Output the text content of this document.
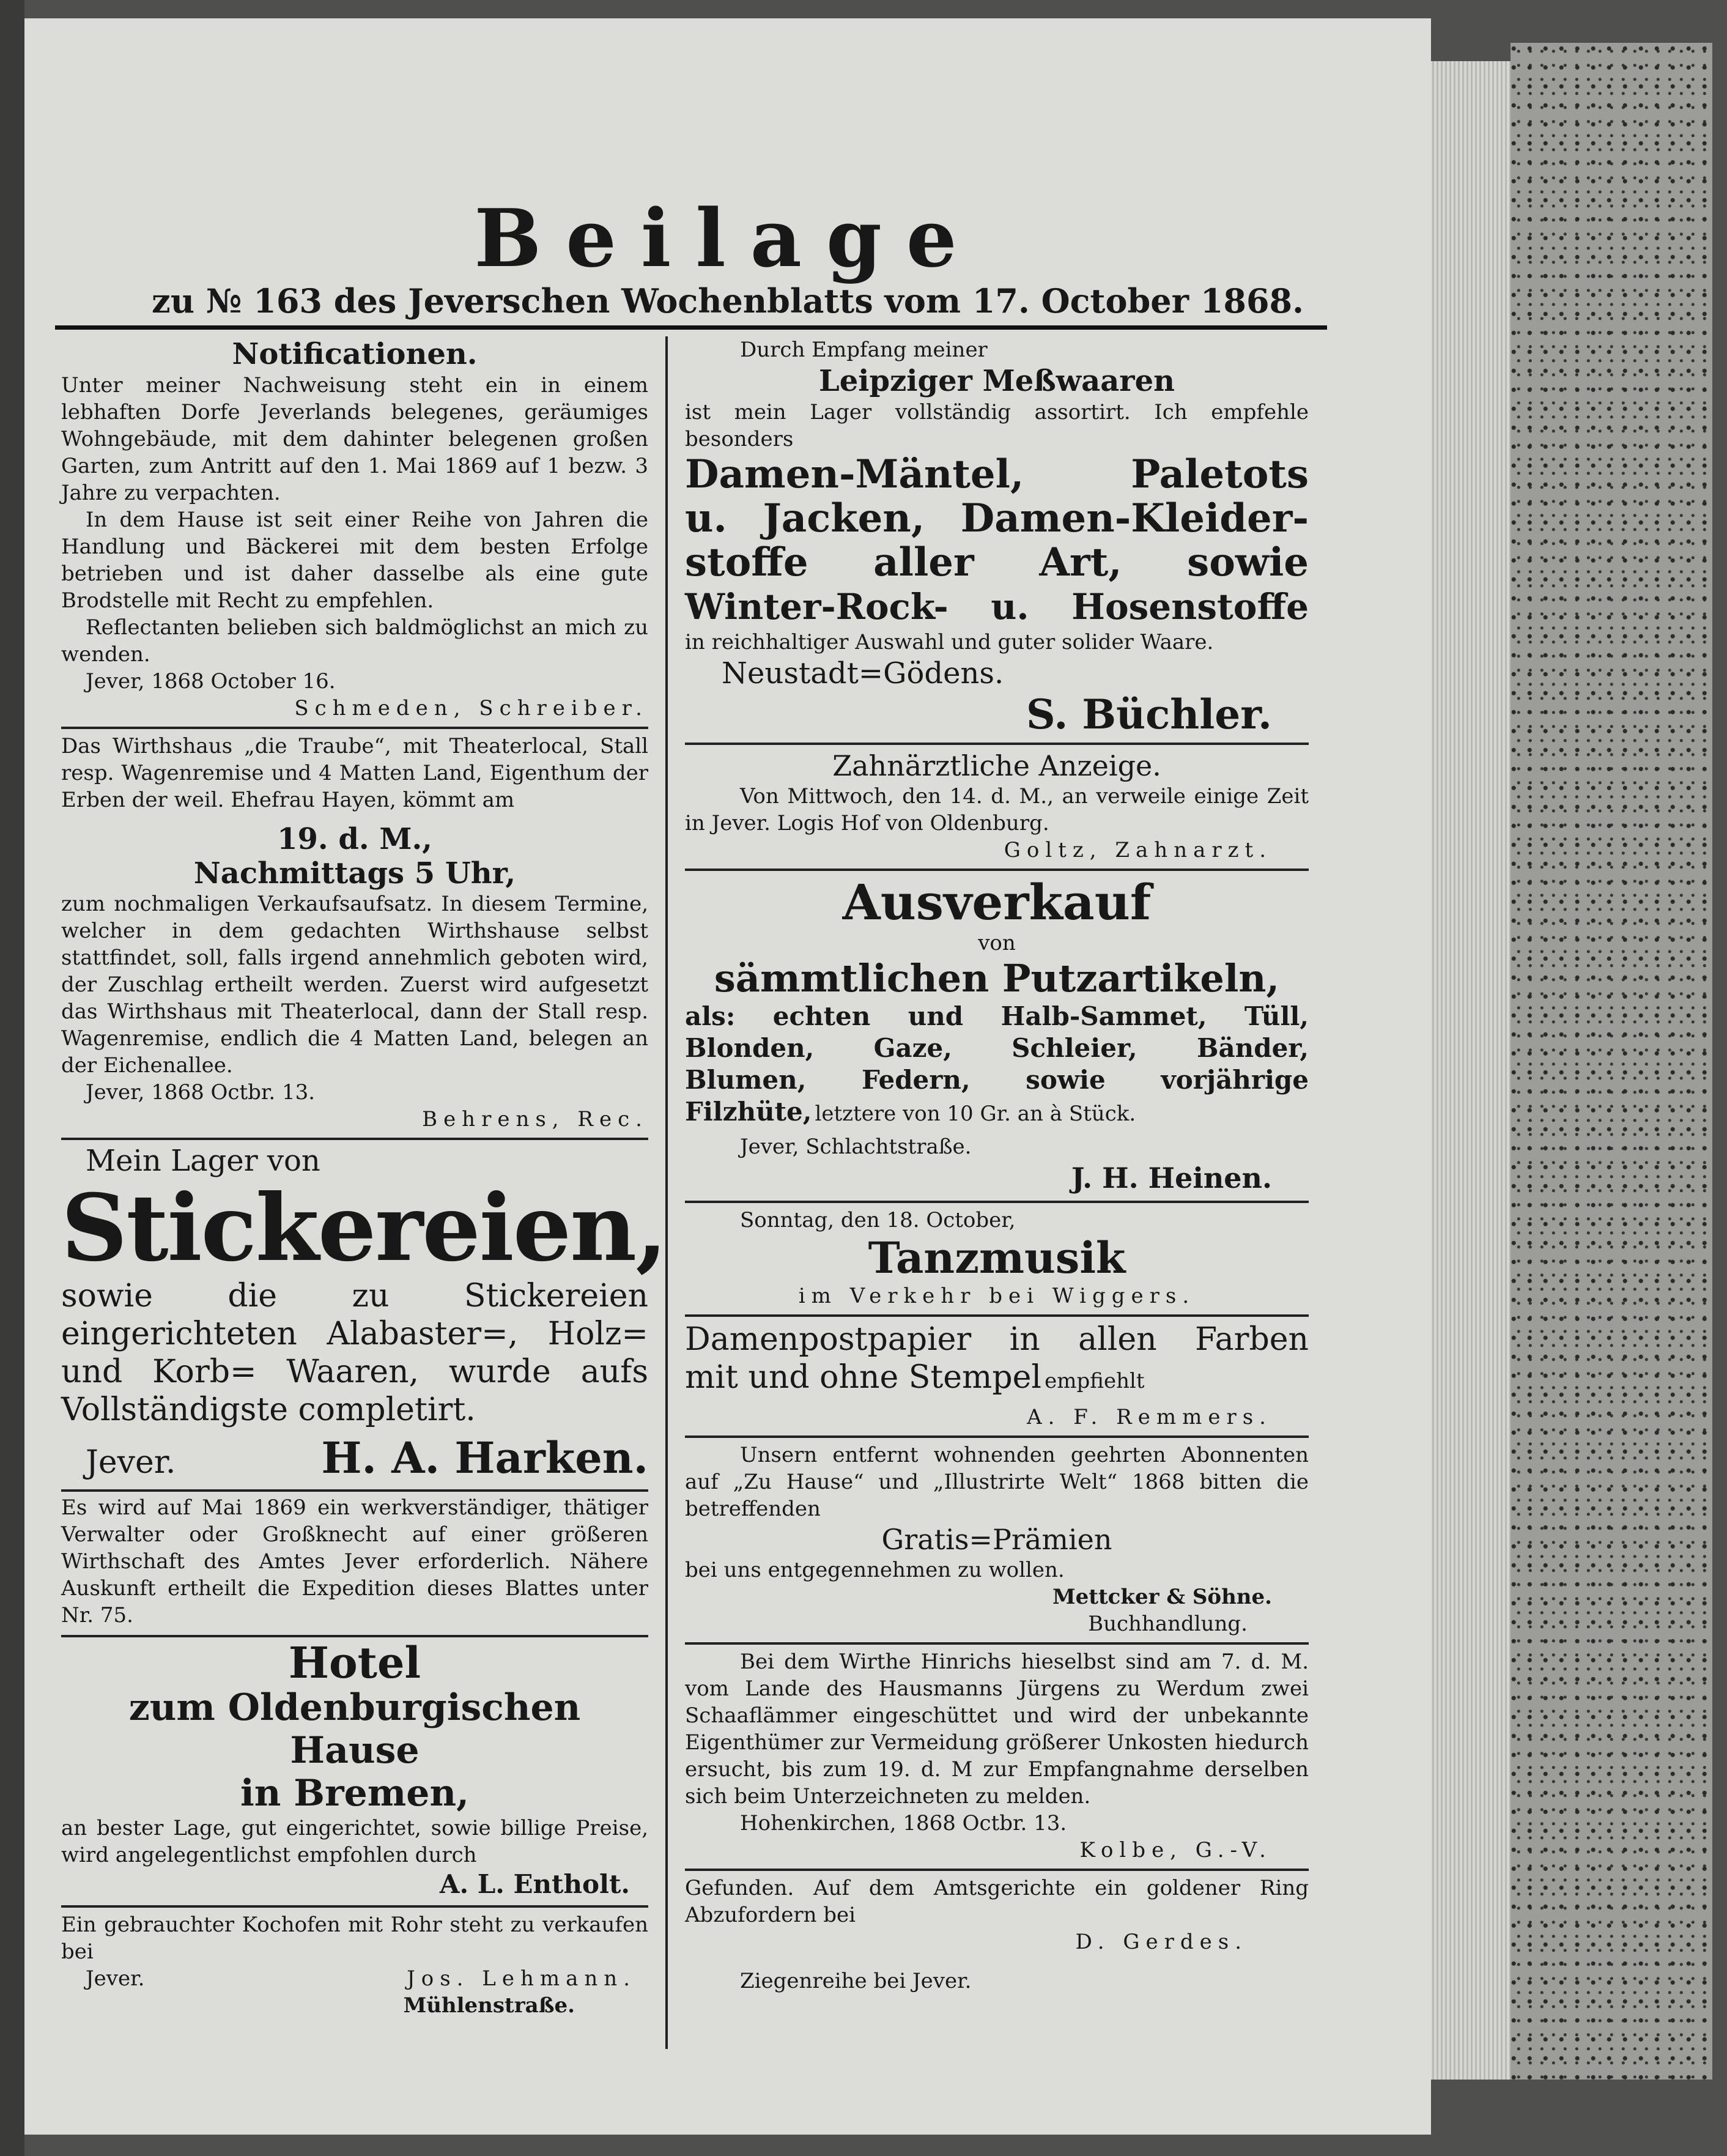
Beilage
zu № 163 des Jeverschen Wochenblatts vom 17. October 1868.
Notificationen.

Unter meiner Nachweisung steht ein in einem lebhaften Dorfe Jeverlands belegenes, geräumiges Wohngebäude, mit dem dahinter belegenen großen Garten, zum Antritt auf den 1. Mai 1869 auf 1 bezw. 3 Jahre zu verpachten.

In dem Hause ist seit einer Reihe von Jahren die Handlung und Bäckerei mit dem besten Erfolge betrieben und ist daher dasselbe als eine gute Brodstelle mit Recht zu empfehlen.

Reflectanten belieben sich baldmöglichst an mich zu wenden.

Jever, 1868 October 16.

Schmeden, Schreiber.

Das Wirthshaus „die Traube“, mit Theaterlocal, Stall resp. Wagenremise und 4 Matten Land, Eigenthum der Erben der weil. Ehefrau Hayen, kömmt am
19. d. M.,
Nachmittags 5 Uhr,
zum nochmaligen Verkaufsaufsatz. In diesem Termine, welcher in dem gedachten Wirthshause selbst stattfindet, soll, falls irgend annehmlich geboten wird, der Zuschlag ertheilt werden. Zuerst wird aufgesetzt das Wirthshaus mit Theaterlocal, dann der Stall resp. Wagenremise, endlich die 4 Matten Land, belegen an der Eichenallee.
Jever, 1868 Octbr. 13.
Behrens, Rec.
Mein Lager von
Stickereien,
sowie die zu Stickereien eingerichteten Alabaster=, Holz= und Korb= Waaren, wurde aufs Vollständigste completirt.
Jever.	H. A. Harken.
Es wird auf Mai 1869 ein werkverständiger, thätiger Verwalter oder Großknecht auf einer größeren Wirthschaft des Amtes Jever erforderlich. Nähere Auskunft ertheilt die Expedition dieses Blattes unter Nr. 75.
Hotel
zum Oldenburgischen Hause
in Bremen,
an bester Lage, gut eingerichtet, sowie billige Preise, wird angelegentlichst empfohlen durch
A. L. Entholt.
Ein gebrauchter Kochofen mit Rohr steht zu verkaufen bei
Jever.	Jos. Lehmann.
Mühlenstraße.
Durch Empfang meiner
Leipziger Meßwaaren
ist mein Lager vollständig assortirt. Ich empfehle besonders
Damen-Mäntel, Paletots
u. Jacken, Damen-Kleider-
stoffe aller Art, sowie
Winter-Rock- u. Hosenstoffe
in reichhaltiger Auswahl und guter solider Waare.
Neustadt=Gödens.
S. Büchler.
Zahnärztliche Anzeige.
Von Mittwoch, den 14. d. M., an verweile einige Zeit in Jever. Logis Hof von Oldenburg.
Goltz, Zahnarzt.
Ausverkauf
von
sämmtlichen Putzartikeln,
als: echten und Halb-Sammet, Tüll,
Blonden, Gaze, Schleier, Bänder,
Blumen, Federn, sowie vorjährige
Filzhüte, letztere von 10 Gr. an à Stück.
Jever, Schlachtstraße.
J. H. Heinen.
Sonntag, den 18. October,
Tanzmusik
im Verkehr bei Wiggers.
Damenpostpapier in allen Farben
mit und ohne Stempel empfiehlt
A. F. Remmers.
Unsern entfernt wohnenden geehrten Abonnenten auf „Zu Hause“ und „Illustrirte Welt“ 1868 bitten die betreffenden
Gratis=Prämien
bei uns entgegennehmen zu wollen.
Mettcker & Söhne.
Buchhandlung.
Bei dem Wirthe Hinrichs hieselbst sind am 7. d. M. vom Lande des Hausmanns Jürgens zu Werdum zwei Schaaflämmer eingeschüttet und wird der unbekannte Eigenthümer zur Vermeidung größerer Unkosten hiedurch ersucht, bis zum 19. d. M zur Empfangnahme derselben sich beim Unterzeichneten zu melden.
Hohenkirchen, 1868 Octbr. 13.
Kolbe, G.-V.
Gefunden. Auf dem Amtsgerichte ein goldener Ring Abzufordern bei
D. Gerdes.
Ziegenreihe bei Jever.
